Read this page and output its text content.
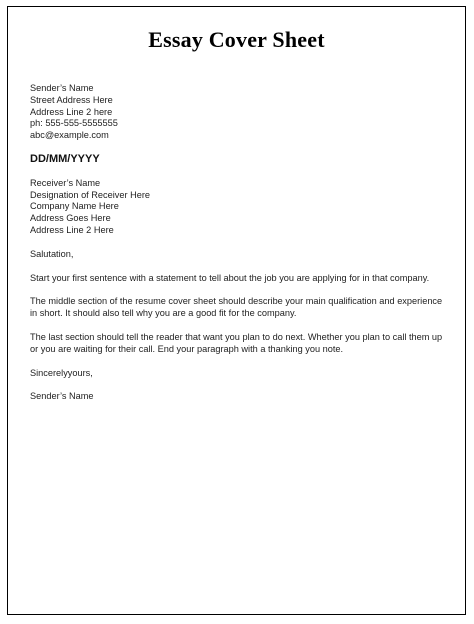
Essay Cover Sheet
Sender’s Name
Street Address Here
Address Line 2 here
ph: 555-555-5555555
abc@example.com
DD/MM/YYYY
Receiver’s Name
Designation of Receiver Here
Company Name Here
Address Goes Here
Address Line 2 Here
Salutation,
Start your first sentence with a statement to tell about the job you are applying for in that company.
The middle section of the resume cover sheet should describe your main qualification and experience in short. It should also tell why you are a good fit for the company.
The last section should tell the reader that want you plan to do next. Whether you plan to call them up or you are waiting for their call. End your paragraph with a thanking you note.
Sincerelyyours,
Sender’s Name
